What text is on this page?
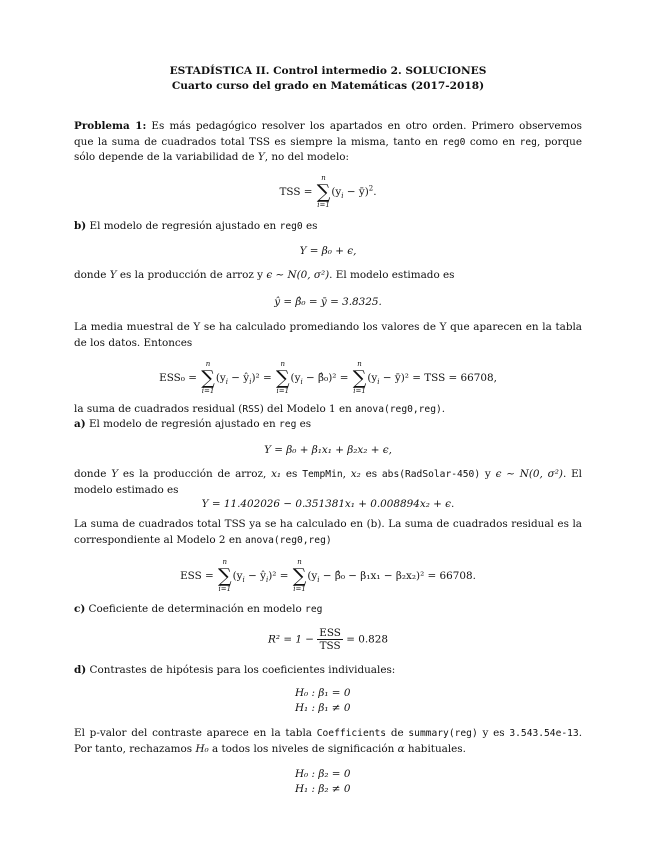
ESTADÍSTICA II. Control intermedio 2. SOLUCIONES
Cuarto curso del grado en Matemáticas (2017-2018)
Problema 1: Es más pedagógico resolver los apartados en otro orden. Primero observemos que la suma de cuadrados total TSS es siempre la misma, tanto en reg0 como en reg, porque sólo depende de la variabilidad de Y, no del modelo:
TSS =
n
∑
i=1
($y_i$ − ȳ)$^2$.
b) El modelo de regresión ajustado en reg0 es
Y = β₀ + ϵ,
donde Y es la producción de arroz y ϵ ∼ N(0, σ²). El modelo estimado es
ŷ = β̂₀ = ȳ = 3.8325.
La media muestral de Y se ha calculado promediando los valores de Y que aparecen en la tabla de los datos. Entonces
ESS₀ =
n
∑
i=1
($y_i$ − $ŷ_i)^2$ =
n
∑
i=1
($y_i$ − β̂₀)² =
n
∑
i=1
($y_i$ − ȳ)² = TSS = 66708,
la suma de cuadrados residual (RSS) del Modelo 1 en anova(reg0,reg).
a) El modelo de regresión ajustado en reg es
Y = β₀ + β₁x₁ + β₂x₂ + ϵ,
donde Y es la producción de arroz, x₁ es TempMin, x₂ es abs(RadSolar-450) y ϵ ∼ N(0, σ²). El modelo estimado es
Y = 11.402026 − 0.351381x₁ + 0.008894x₂ + ϵ.
La suma de cuadrados total TSS ya se ha calculado en (b). La suma de cuadrados residual es la correspondiente al Modelo 2 en anova(reg0,reg)
ESS =
n
∑
i=1
($y_i$ − $ŷ_i)^2$ =
n
∑
i=1
($y_i$ − β̂₀ − β₁x₁ − β₂x₂)² = 66708.
c) Coeficiente de determinación en modelo reg
$R^2 = 1 - \frac{\text{ESS}}{\text{TSS}} = 0.828$
d) Contrastes de hipótesis para los coeficientes individuales:
H₀ : β₁ = 0
H₁ : β₁ ≠ 0
El p-valor del contraste aparece en la tabla Coefficients de summary(reg) y es 3.543.54e-13. Por tanto, rechazamos H₀ a todos los niveles de significación α habituales.
H₀ : β₂ = 0
H₁ : β₂ ≠ 0
